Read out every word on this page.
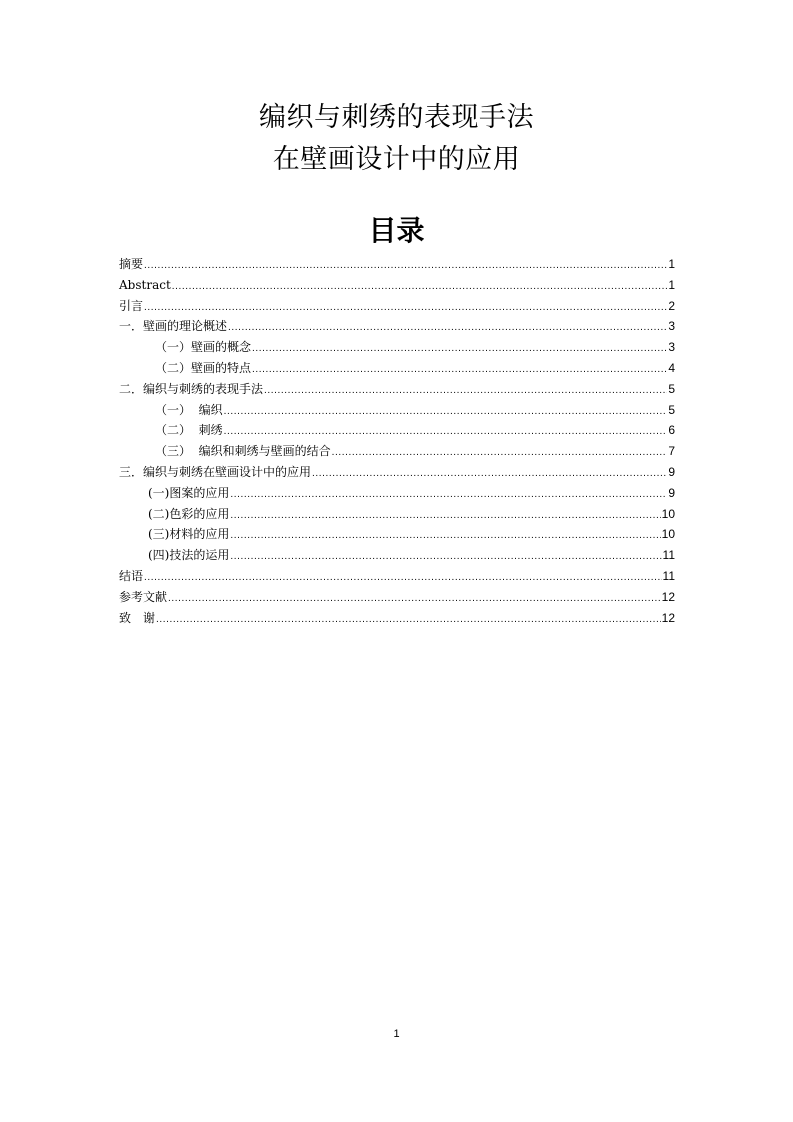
编织与刺绣的表现手法
在壁画设计中的应用
目录
摘要 .....	1
Abstract .....	1
引言 .....	2
一．壁画的理论概述 .....	3
（一）壁画的概念 .....	3
（二）壁画的特点 .....	4
二．编织与刺绣的表现手法 .....	5
（一）  编织 .....	5
（二）  刺绣 .....	6
（三）  编织和刺绣与壁画的结合 .....	7
三．编织与刺绣在壁画设计中的应用 .....	9
(一)图案的应用 .....	9
(二)色彩的应用 .....	10
(三)材料的应用 .....	10
(四)技法的运用 .....	11
结语 .....	11
参考文献 .....	12
致　谢 .....	12
1
